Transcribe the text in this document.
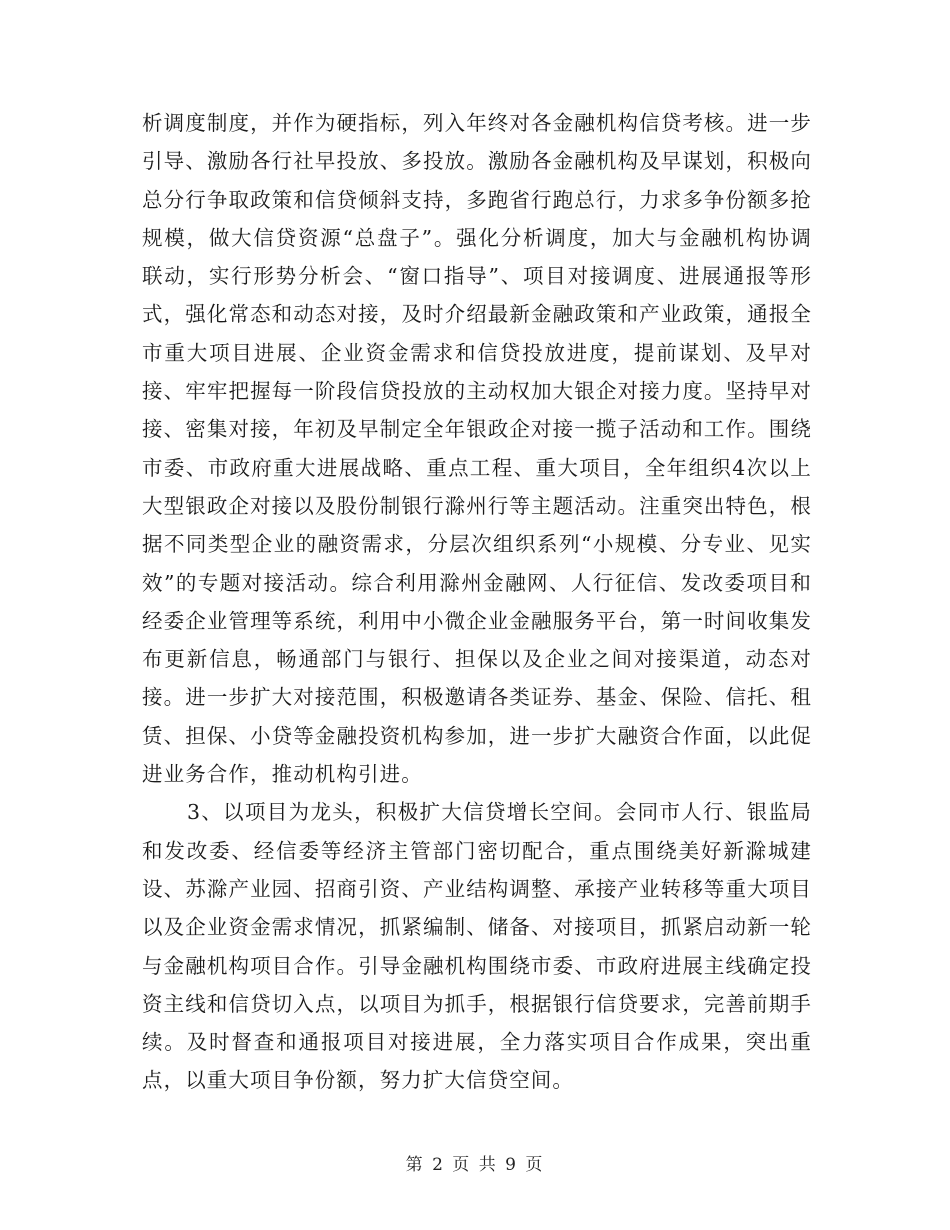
析调度制度，并作为硬指标，列入年终对各金融机构信贷考核。进一步引导、激励各行社早投放、多投放。激励各金融机构及早谋划，积极向总分行争取政策和信贷倾斜支持，多跑省行跑总行，力求多争份额多抢规模，做大信贷资源“总盘子”。强化分析调度，加大与金融机构协调联动，实行形势分析会、“窗口指导”、项目对接调度、进展通报等形式，强化常态和动态对接，及时介绍最新金融政策和产业政策，通报全市重大项目进展、企业资金需求和信贷投放进度，提前谋划、及早对接、牢牢把握每一阶段信贷投放的主动权加大银企对接力度。坚持早对接、密集对接，年初及早制定全年银政企对接一揽子活动和工作。围绕市委、市政府重大进展战略、重点工程、重大项目，全年组织4次以上大型银政企对接以及股份制银行滁州行等主题活动。注重突出特色，根据不同类型企业的融资需求，分层次组织系列“小规模、分专业、见实效”的专题对接活动。综合利用滁州金融网、人行征信、发改委项目和经委企业管理等系统，利用中小微企业金融服务平台，第一时间收集发布更新信息，畅通部门与银行、担保以及企业之间对接渠道，动态对接。进一步扩大对接范围，积极邀请各类证券、基金、保险、信托、租赁、担保、小贷等金融投资机构参加，进一步扩大融资合作面，以此促进业务合作，推动机构引进。

3、以项目为龙头，积极扩大信贷增长空间。会同市人行、银监局和发改委、经信委等经济主管部门密切配合，重点围绕美好新滁城建设、苏滁产业园、招商引资、产业结构调整、承接产业转移等重大项目以及企业资金需求情况，抓紧编制、储备、对接项目，抓紧启动新一轮与金融机构项目合作。引导金融机构围绕市委、市政府进展主线确定投资主线和信贷切入点，以项目为抓手，根据银行信贷要求，完善前期手续。及时督查和通报项目对接进展，全力落实项目合作成果，突出重点，以重大项目争份额，努力扩大信贷空间。

第 2 页 共 9 页
